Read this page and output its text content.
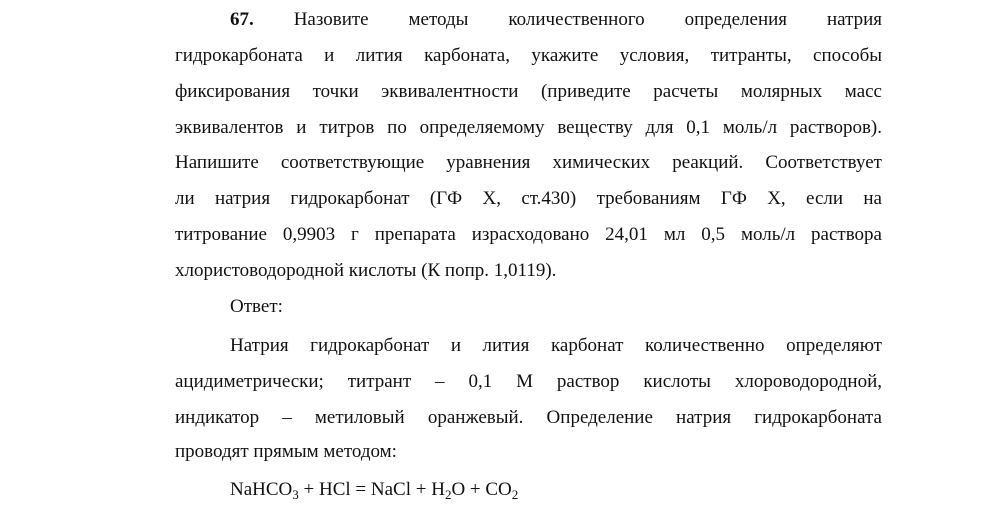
67. Назовите методы количественного определения натрия
гидрокарбоната и лития карбоната, укажите условия, титранты, способы
фиксирования точки эквивалентности (приведите расчеты молярных масс
эквивалентов и титров по определяемому веществу для 0,1 моль/л растворов).
Напишите соответствующие уравнения химических реакций. Соответствует
ли натрия гидрокарбонат (ГФ Х, ст.430) требованиям ГФ Х, если на
титрование 0,9903 г препарата израсходовано 24,01 мл 0,5 моль/л раствора
хлористоводородной кислоты (К попр. 1,0119).
Ответ:
Натрия гидрокарбонат и лития карбонат количественно определяют
ацидиметрически; титрант – 0,1 М раствор кислоты хлороводородной,
индикатор – метиловый оранжевый. Определение натрия гидрокарбоната
проводят прямым методом:
NaHCO$_3$ + HCl = NaCl + $H_2O + CO_2$
